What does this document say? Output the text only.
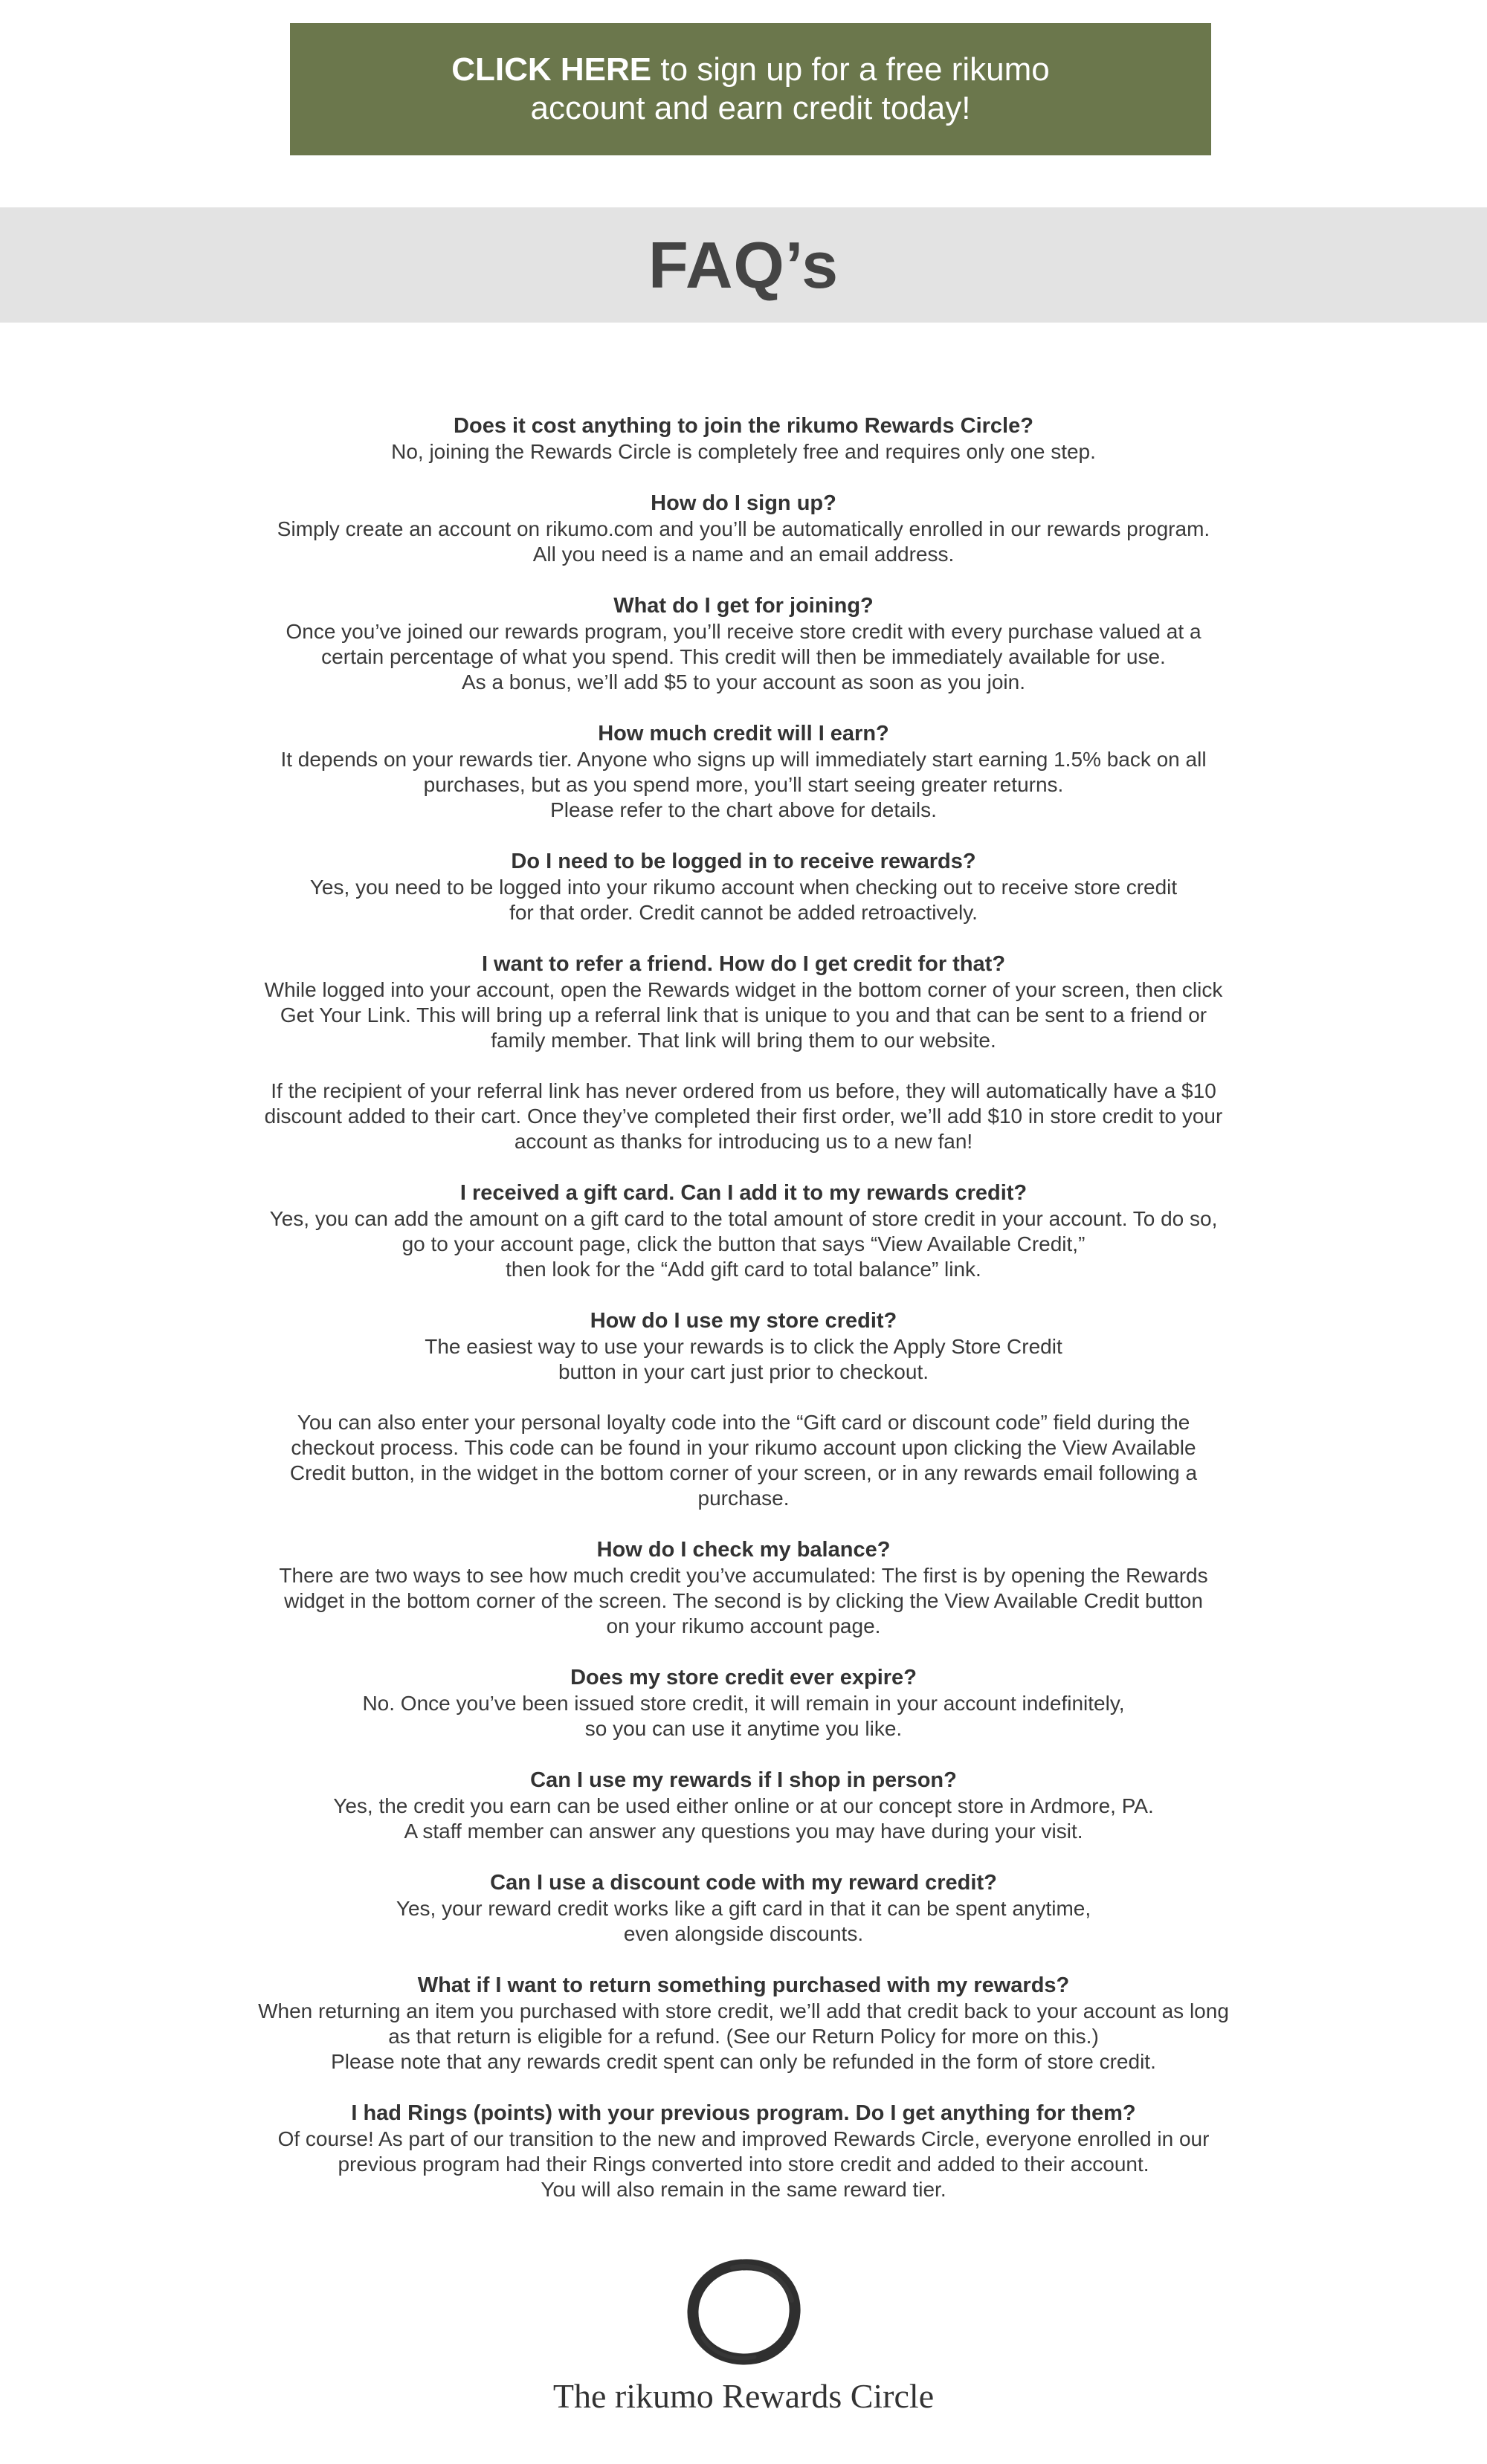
CLICK HERE to sign up for a free rikumo
account and earn credit today!
FAQ’s

Does it cost anything to join the rikumo Rewards Circle?

No, joining the Rewards Circle is completely free and requires only one step.

How do I sign up?

Simply create an account on rikumo.com and you’ll be automatically enrolled in our rewards program.
All you need is a name and an email address.

What do I get for joining?

Once you’ve joined our rewards program, you’ll receive store credit with every purchase valued at a
certain percentage of what you spend. This credit will then be immediately available for use.
As a bonus, we’ll add $5 to your account as soon as you join.

How much credit will I earn?

It depends on your rewards tier. Anyone who signs up will immediately start earning 1.5% back on all
purchases, but as you spend more, you’ll start seeing greater returns.
Please refer to the chart above for details.

Do I need to be logged in to receive rewards?

Yes, you need to be logged into your rikumo account when checking out to receive store credit
for that order. Credit cannot be added retroactively.

I want to refer a friend. How do I get credit for that?

While logged into your account, open the Rewards widget in the bottom corner of your screen, then click
Get Your Link. This will bring up a referral link that is unique to you and that can be sent to a friend or
family member. That link will bring them to our website.
If the recipient of your referral link has never ordered from us before, they will automatically have a $10
discount added to their cart. Once they’ve completed their first order, we’ll add $10 in store credit to your
account as thanks for introducing us to a new fan!

I received a gift card. Can I add it to my rewards credit?

Yes, you can add the amount on a gift card to the total amount of store credit in your account. To do so,
go to your account page, click the button that says “View Available Credit,”
then look for the “Add gift card to total balance” link.

How do I use my store credit?

The easiest way to use your rewards is to click the Apply Store Credit
button in your cart just prior to checkout.
You can also enter your personal loyalty code into the “Gift card or discount code” field during the
checkout process. This code can be found in your rikumo account upon clicking the View Available
Credit button, in the widget in the bottom corner of your screen, or in any rewards email following a
purchase.

How do I check my balance?

There are two ways to see how much credit you’ve accumulated: The first is by opening the Rewards
widget in the bottom corner of the screen. The second is by clicking the View Available Credit button
on your rikumo account page.

Does my store credit ever expire?

No. Once you’ve been issued store credit, it will remain in your account indefinitely,
so you can use it anytime you like.

Can I use my rewards if I shop in person?

Yes, the credit you earn can be used either online or at our concept store in Ardmore, PA.
A staff member can answer any questions you may have during your visit.

Can I use a discount code with my reward credit?

Yes, your reward credit works like a gift card in that it can be spent anytime,
even alongside discounts.

What if I want to return something purchased with my rewards?

When returning an item you purchased with store credit, we’ll add that credit back to your account as long
as that return is eligible for a refund. (See our Return Policy for more on this.)
Please note that any rewards credit spent can only be refunded in the form of store credit.

I had Rings (points) with your previous program. Do I get anything for them?

Of course! As part of our transition to the new and improved Rewards Circle, everyone enrolled in our
previous program had their Rings converted into store credit and added to their account.
You will also remain in the same reward tier.
The rikumo Rewards Circle
